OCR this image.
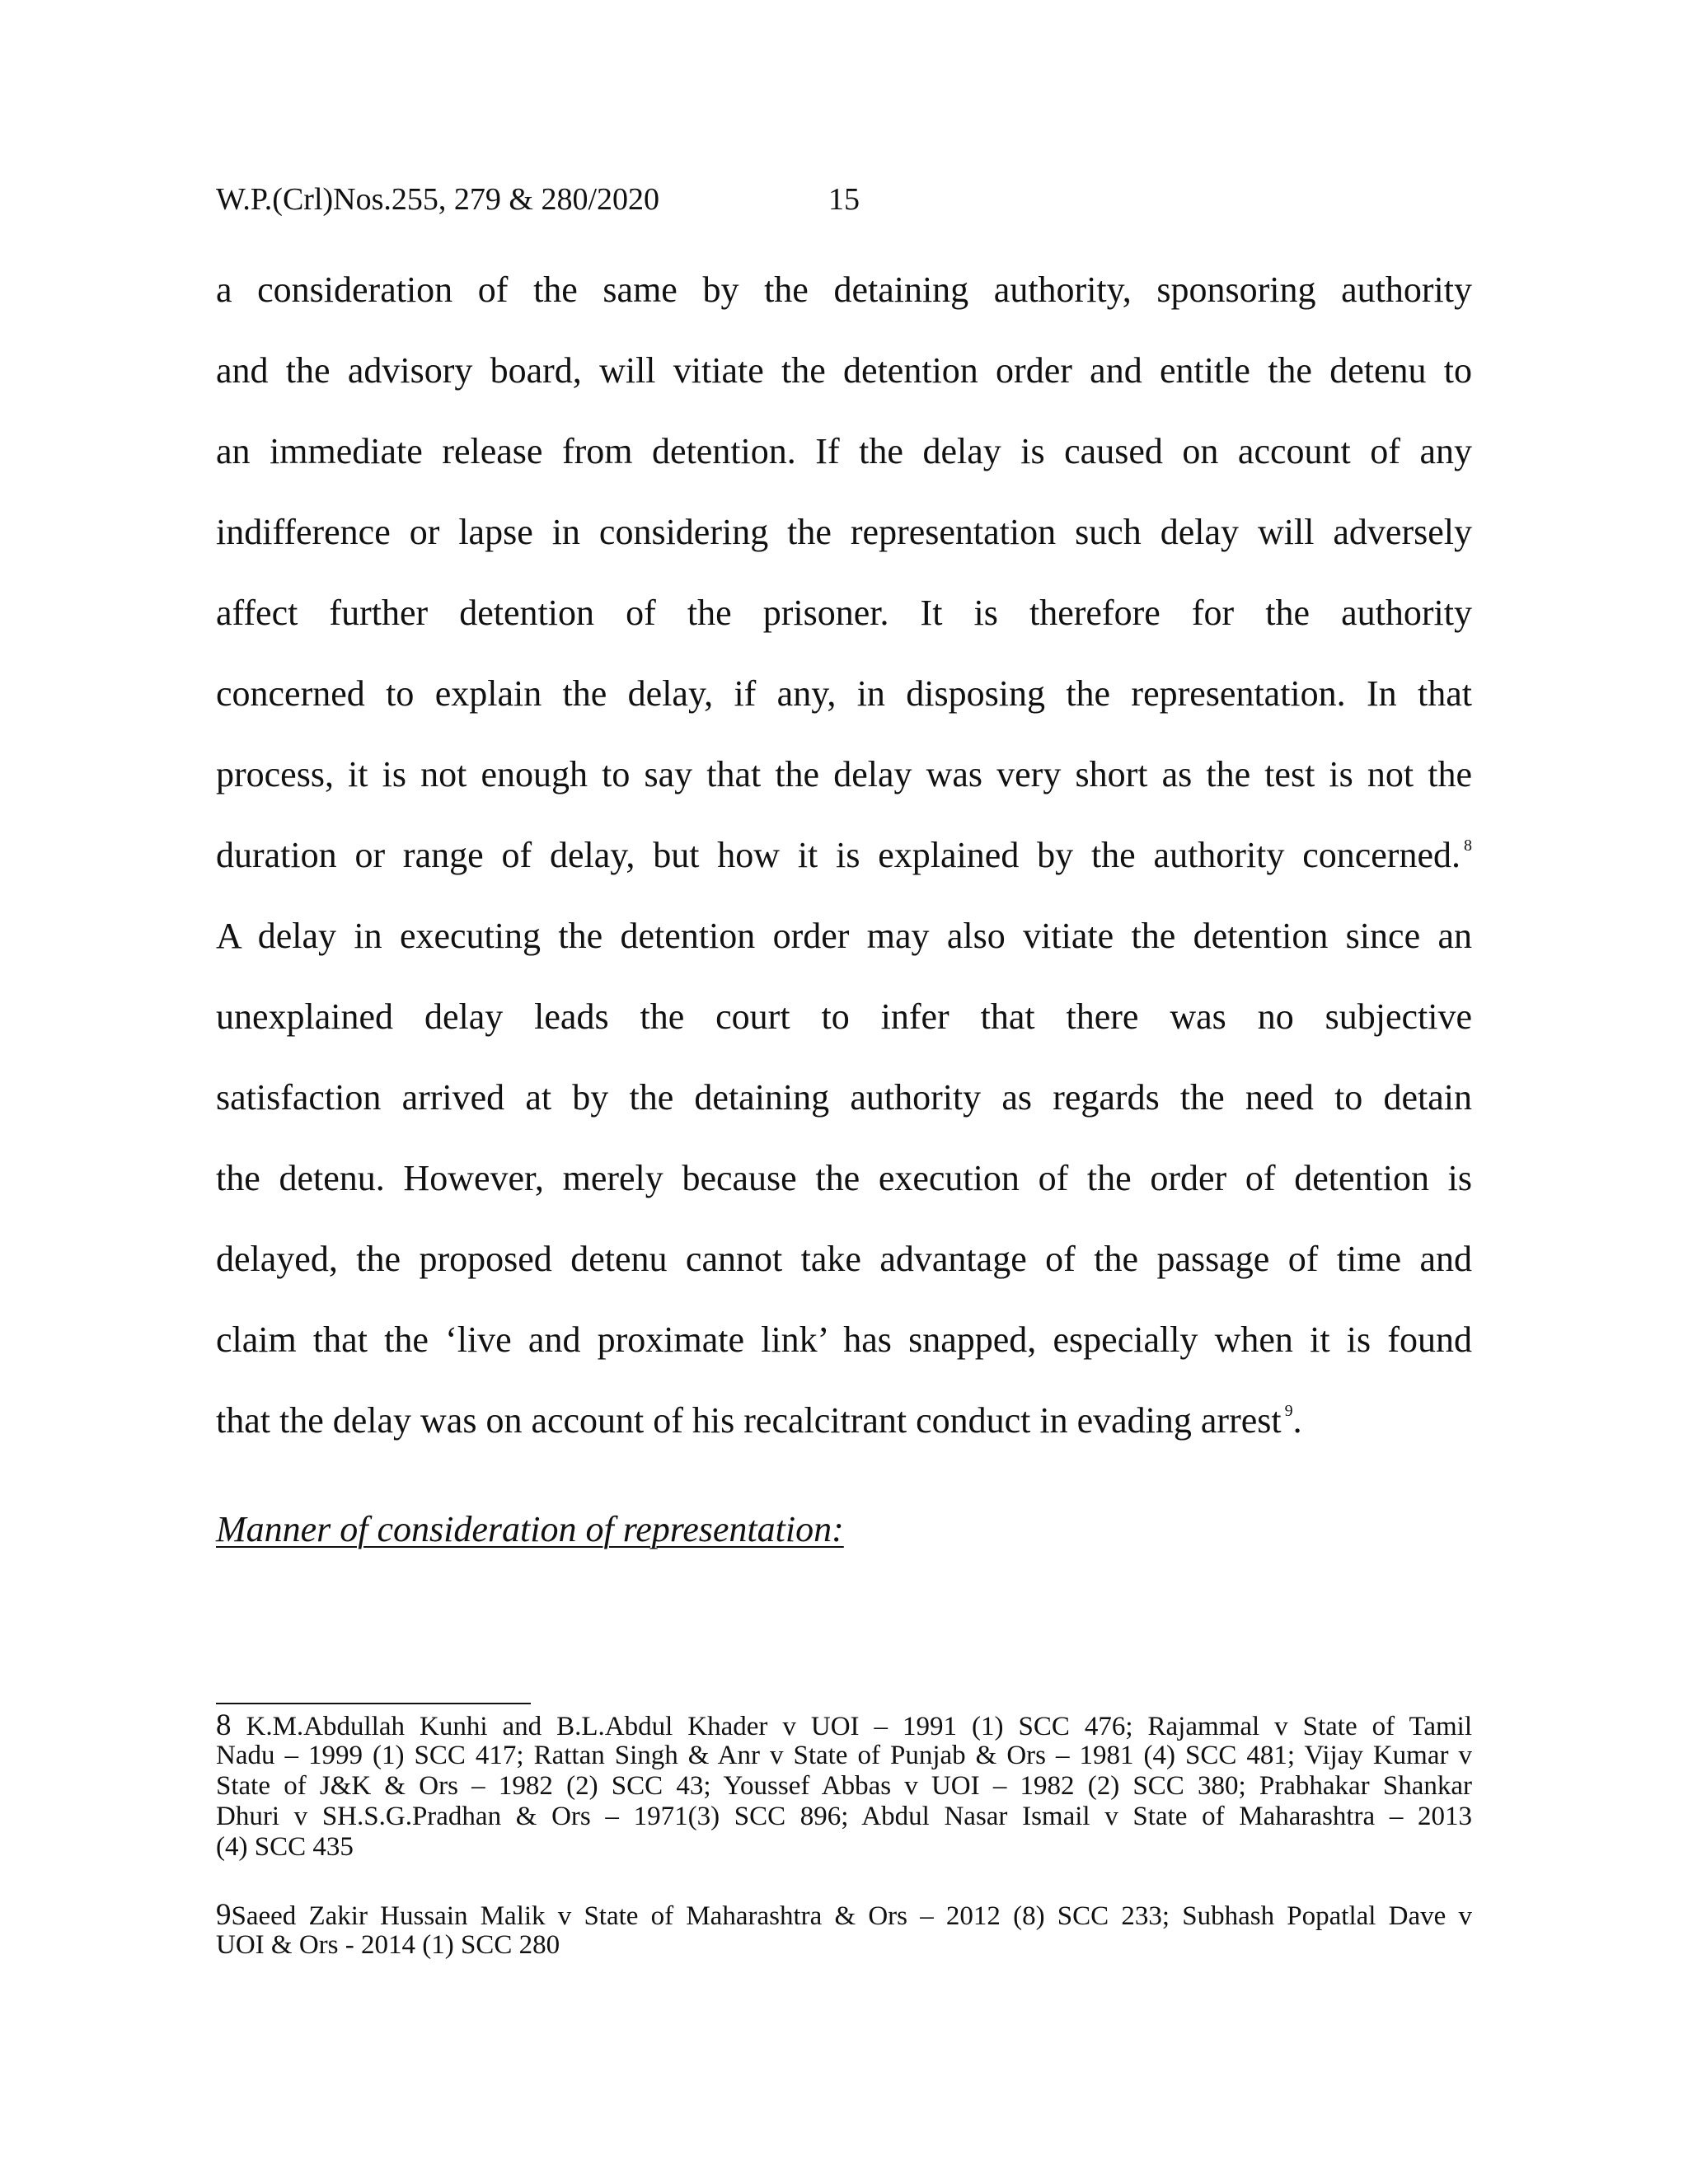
W.P.(Crl)Nos.255, 279 & 280/2020	15
a consideration of the same by the detaining authority, sponsoring authority
and the advisory board, will vitiate the detention order and entitle the detenu to
an immediate release from detention. If the delay is caused on account of any
indifference or lapse in considering the representation such delay will adversely
affect further detention of the prisoner. It is therefore for the authority
concerned to explain the delay, if any, in disposing the representation. In that
process, it is not enough to say that the delay was very short as the test is not the
duration or range of delay, but how it is explained by the authority concerned. $^8$
A delay in executing the detention order may also vitiate the detention since an
unexplained delay leads the court to infer that there was no subjective
satisfaction arrived at by the detaining authority as regards the need to detain
the detenu. However, merely because the execution of the order of detention is
delayed, the proposed detenu cannot take advantage of the passage of time and
claim that the ‘live and proximate link’ has snapped, especially when it is found
that the delay was on account of his recalcitrant conduct in evading arrest $^9$.
Manner of consideration of representation:
8 K.M.Abdullah Kunhi and B.L.Abdul Khader v UOI – 1991 (1) SCC 476; Rajammal v State of Tamil
Nadu – 1999 (1) SCC 417; Rattan Singh & Anr v State of Punjab & Ors – 1981 (4) SCC 481; Vijay Kumar v
State of J&K & Ors – 1982 (2) SCC 43; Youssef Abbas v UOI – 1982 (2) SCC 380; Prabhakar Shankar
Dhuri v SH.S.G.Pradhan & Ors – 1971(3) SCC 896; Abdul Nasar Ismail v State of Maharashtra – 2013
(4) SCC 435
9Saeed Zakir Hussain Malik v State of Maharashtra & Ors – 2012 (8) SCC 233; Subhash Popatlal Dave v
UOI & Ors - 2014 (1) SCC 280
